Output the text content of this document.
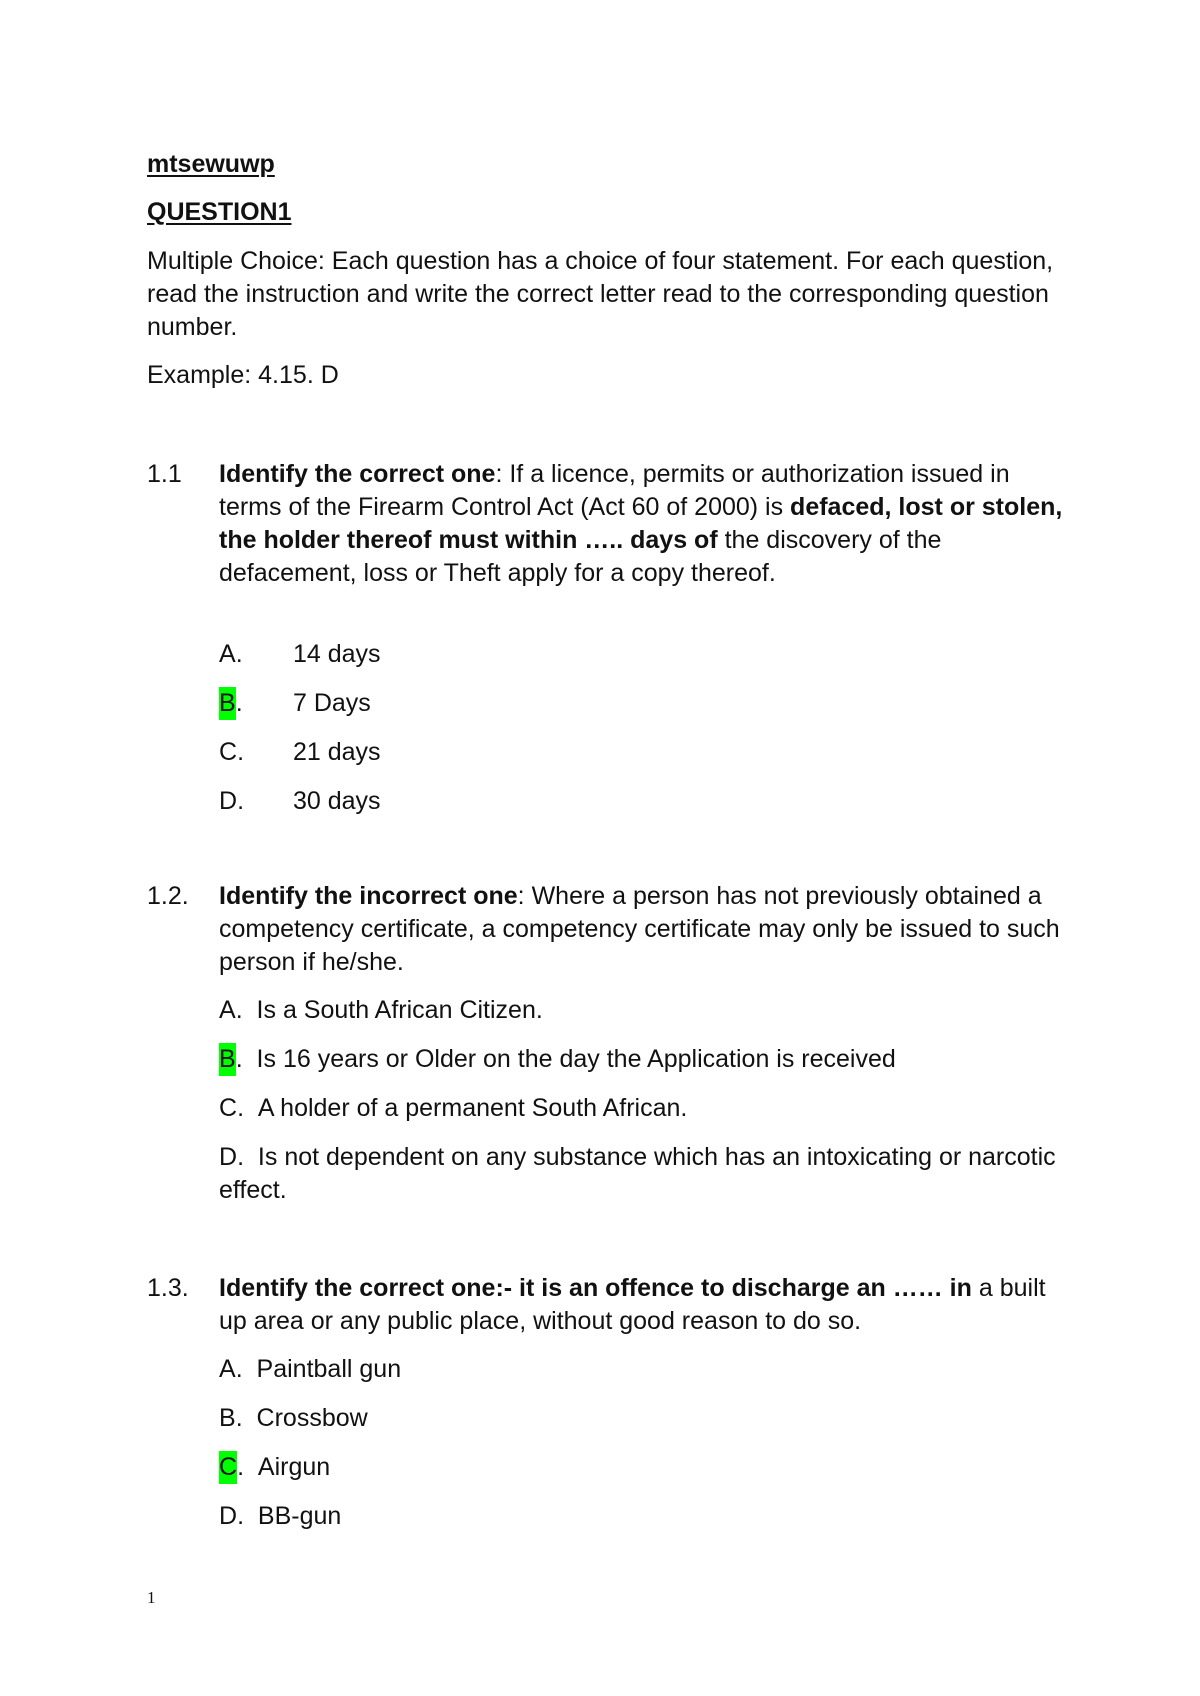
mtsewuwp
QUESTION1

Multiple Choice: Each question has a choice of four statement. For each question, read the instruction and write the correct letter read to the corresponding question number.

Example: 4.15. D

1.1 Identify the correct one: If a licence, permits or authorization issued in terms of the Firearm Control Act (Act 60 of 2000) is defaced, lost or stolen, the holder thereof must within ….. days of the discovery of the defacement, loss or Theft apply for a copy thereof.

A. 14 days
B. 7 Days
C. 21 days
D. 30 days
1.2. Identify the incorrect one: Where a person has not previously obtained a competency certificate, a competency certificate may only be issued to such person if he/she.

A. Is a South African Citizen.
B. Is 16 years or Older on the day the Application is received
C. A holder of a permanent South African.

D. Is not dependent on any substance which has an intoxicating or narcotic effect.

1.3. Identify the correct one:- it is an offence to discharge an …… in a built up area or any public place, without good reason to do so.

A. Paintball gun
B. Crossbow
C. Airgun
D. BB-gun
1
